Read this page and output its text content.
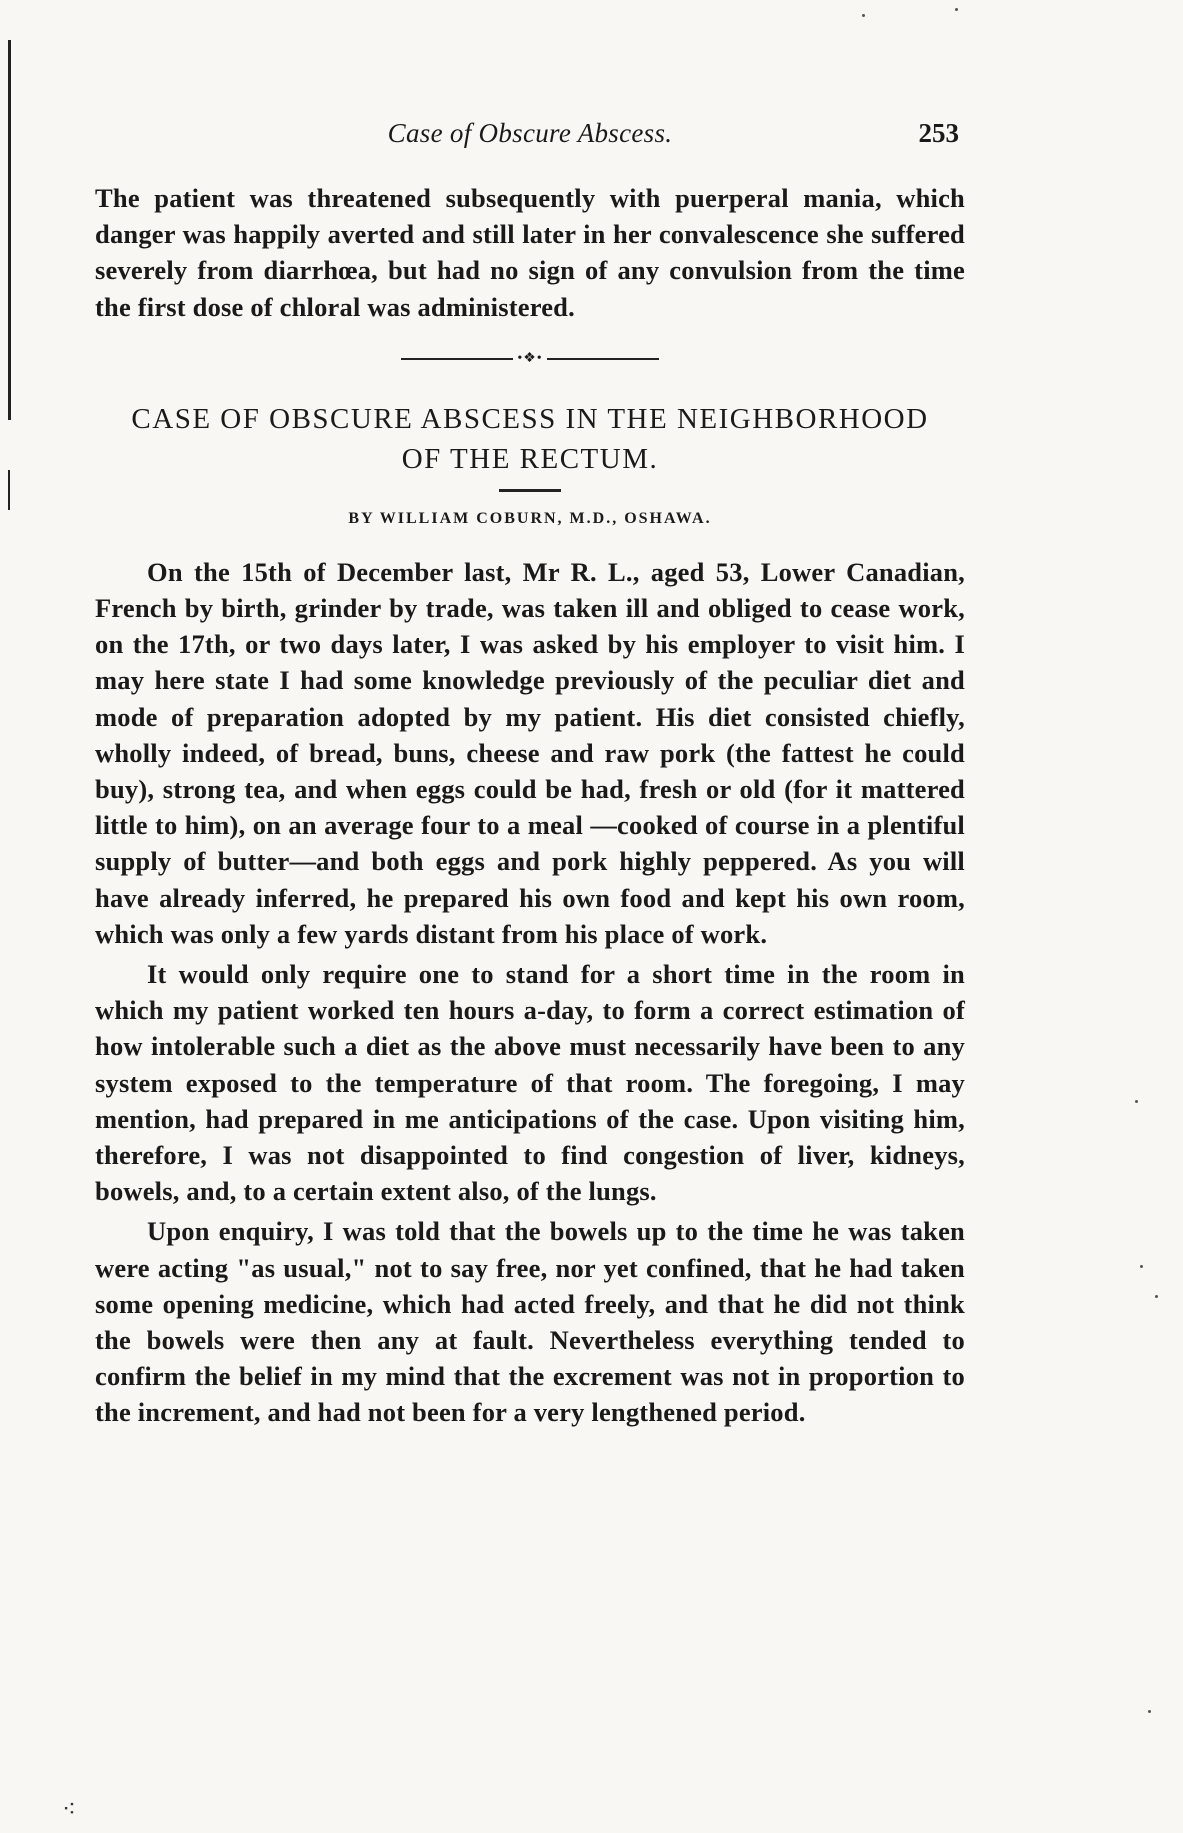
Case of Obscure Abscess.	253

The patient was threatened subsequently with puerperal mania, which danger was happily averted and still later in her convalescence she suffered severely from diarrhœa, but had no sign of any convulsion from the time the first dose of chloral was administered.

•❖•
CASE OF OBSCURE ABSCESS IN THE NEIGHBORHOOD
OF THE RECTUM.
BY WILLIAM COBURN, M.D., OSHAWA.

On the 15th of December last, Mr R. L., aged 53, Lower Canadian, French by birth, grinder by trade, was taken ill and obliged to cease work, on the 17th, or two days later, I was asked by his employer to visit him. I may here state I had some knowledge previously of the peculiar diet and mode of preparation adopted by my patient. His diet consisted chiefly, wholly indeed, of bread, buns, cheese and raw pork (the fattest he could buy), strong tea, and when eggs could be had, fresh or old (for it mattered little to him), on an average four to a meal —cooked of course in a plentiful supply of butter—and both eggs and pork highly peppered. As you will have already inferred, he prepared his own food and kept his own room, which was only a few yards distant from his place of work.

It would only require one to stand for a short time in the room in which my patient worked ten hours a-day, to form a correct estimation of how intolerable such a diet as the above must necessarily have been to any system exposed to the temperature of that room. The foregoing, I may mention, had prepared in me anticipations of the case. Upon visiting him, therefore, I was not disappointed to find congestion of liver, kidneys, bowels, and, to a certain extent also, of the lungs.

Upon enquiry, I was told that the bowels up to the time he was taken were acting "as usual," not to say free, nor yet confined, that he had taken some opening medicine, which had acted freely, and that he did not think the bowels were then any at fault. Nevertheless everything tended to confirm the belief in my mind that the excrement was not in proportion to the increment, and had not been for a very lengthened period.

⁖
